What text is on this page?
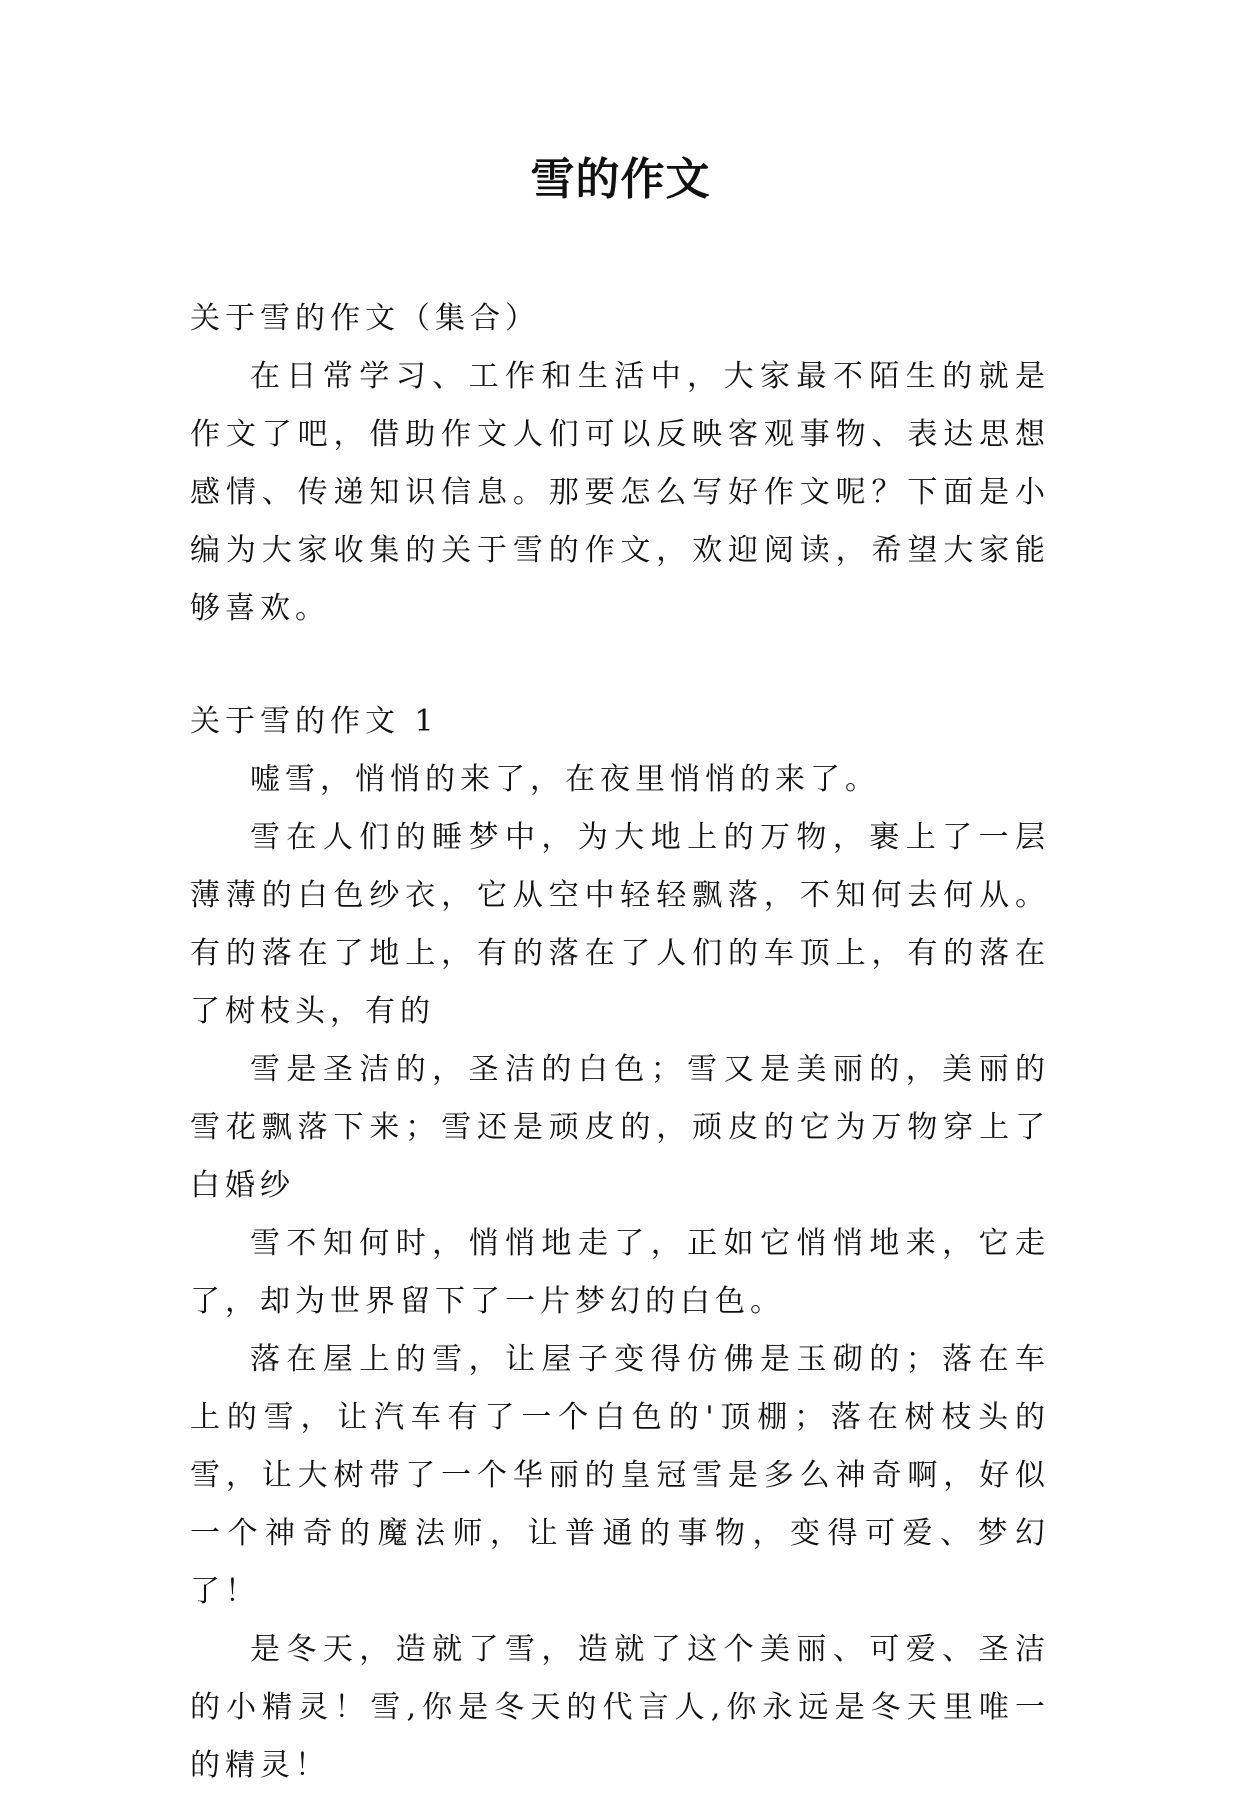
雪的作文

关于雪的作文（集合）

在日常学习、工作和生活中，大家最不陌生的就是作文了吧，借助作文人们可以反映客观事物、表达思想感情、传递知识信息。那要怎么写好作文呢？下面是小编为大家收集的关于雪的作文，欢迎阅读，希望大家能够喜欢。

关于雪的作文 1

嘘雪，悄悄的来了，在夜里悄悄的来了。

雪在人们的睡梦中，为大地上的万物，裹上了一层薄薄的白色纱衣，它从空中轻轻飘落，不知何去何从。有的落在了地上，有的落在了人们的车顶上，有的落在了树枝头，有的

雪是圣洁的，圣洁的白色；雪又是美丽的，美丽的雪花飘落下来；雪还是顽皮的，顽皮的它为万物穿上了白婚纱

雪不知何时，悄悄地走了，正如它悄悄地来，它走了，却为世界留下了一片梦幻的白色。

落在屋上的雪，让屋子变得仿佛是玉砌的；落在车上的雪，让汽车有了一个白色的'顶棚；落在树枝头的雪，让大树带了一个华丽的皇冠雪是多么神奇啊，好似一个神奇的魔法师，让普通的事物，变得可爱、梦幻了！

是冬天，造就了雪，造就了这个美丽、可爱、圣洁的小精灵！雪,你是冬天的代言人,你永远是冬天里唯一的精灵！
